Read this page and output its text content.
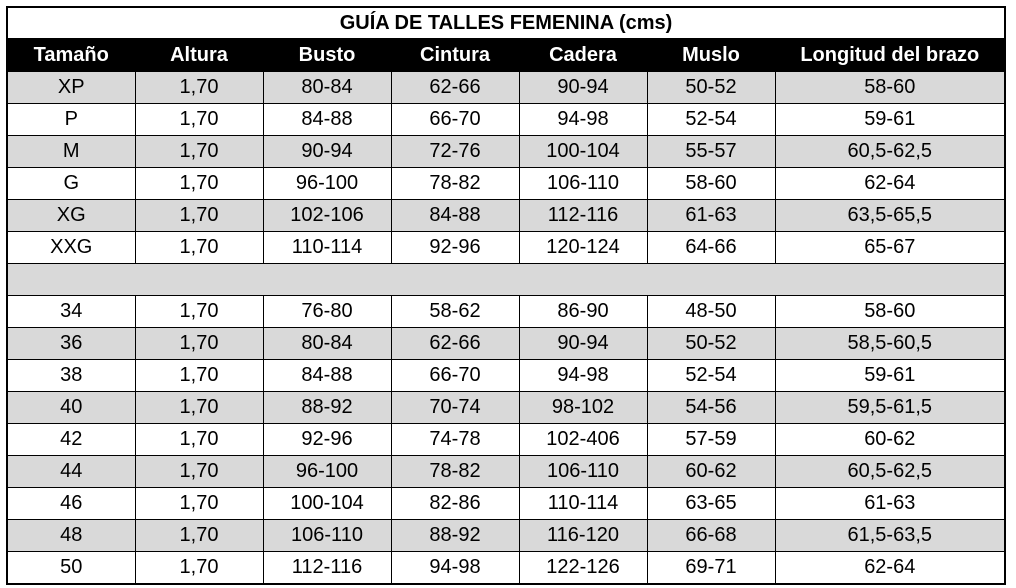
GUÍA DE TALLES FEMENINA (cms)						
Tamaño	Altura	Busto	Cintura	Cadera	Muslo	Longitud del brazo
XP	1,70	80-84	62-66	90-94	50-52	58-60
P	1,70	84-88	66-70	94-98	52-54	59-61
M	1,70	90-94	72-76	100-104	55-57	60,5-62,5
G	1,70	96-100	78-82	106-110	58-60	62-64
XG	1,70	102-106	84-88	112-116	61-63	63,5-65,5
XXG	1,70	110-114	92-96	120-124	64-66	65-67

34	1,70	76-80	58-62	86-90	48-50	58-60
36	1,70	80-84	62-66	90-94	50-52	58,5-60,5
38	1,70	84-88	66-70	94-98	52-54	59-61
40	1,70	88-92	70-74	98-102	54-56	59,5-61,5
42	1,70	92-96	74-78	102-406	57-59	60-62
44	1,70	96-100	78-82	106-110	60-62	60,5-62,5
46	1,70	100-104	82-86	110-114	63-65	61-63
48	1,70	106-110	88-92	116-120	66-68	61,5-63,5
50	1,70	112-116	94-98	122-126	69-71	62-64
